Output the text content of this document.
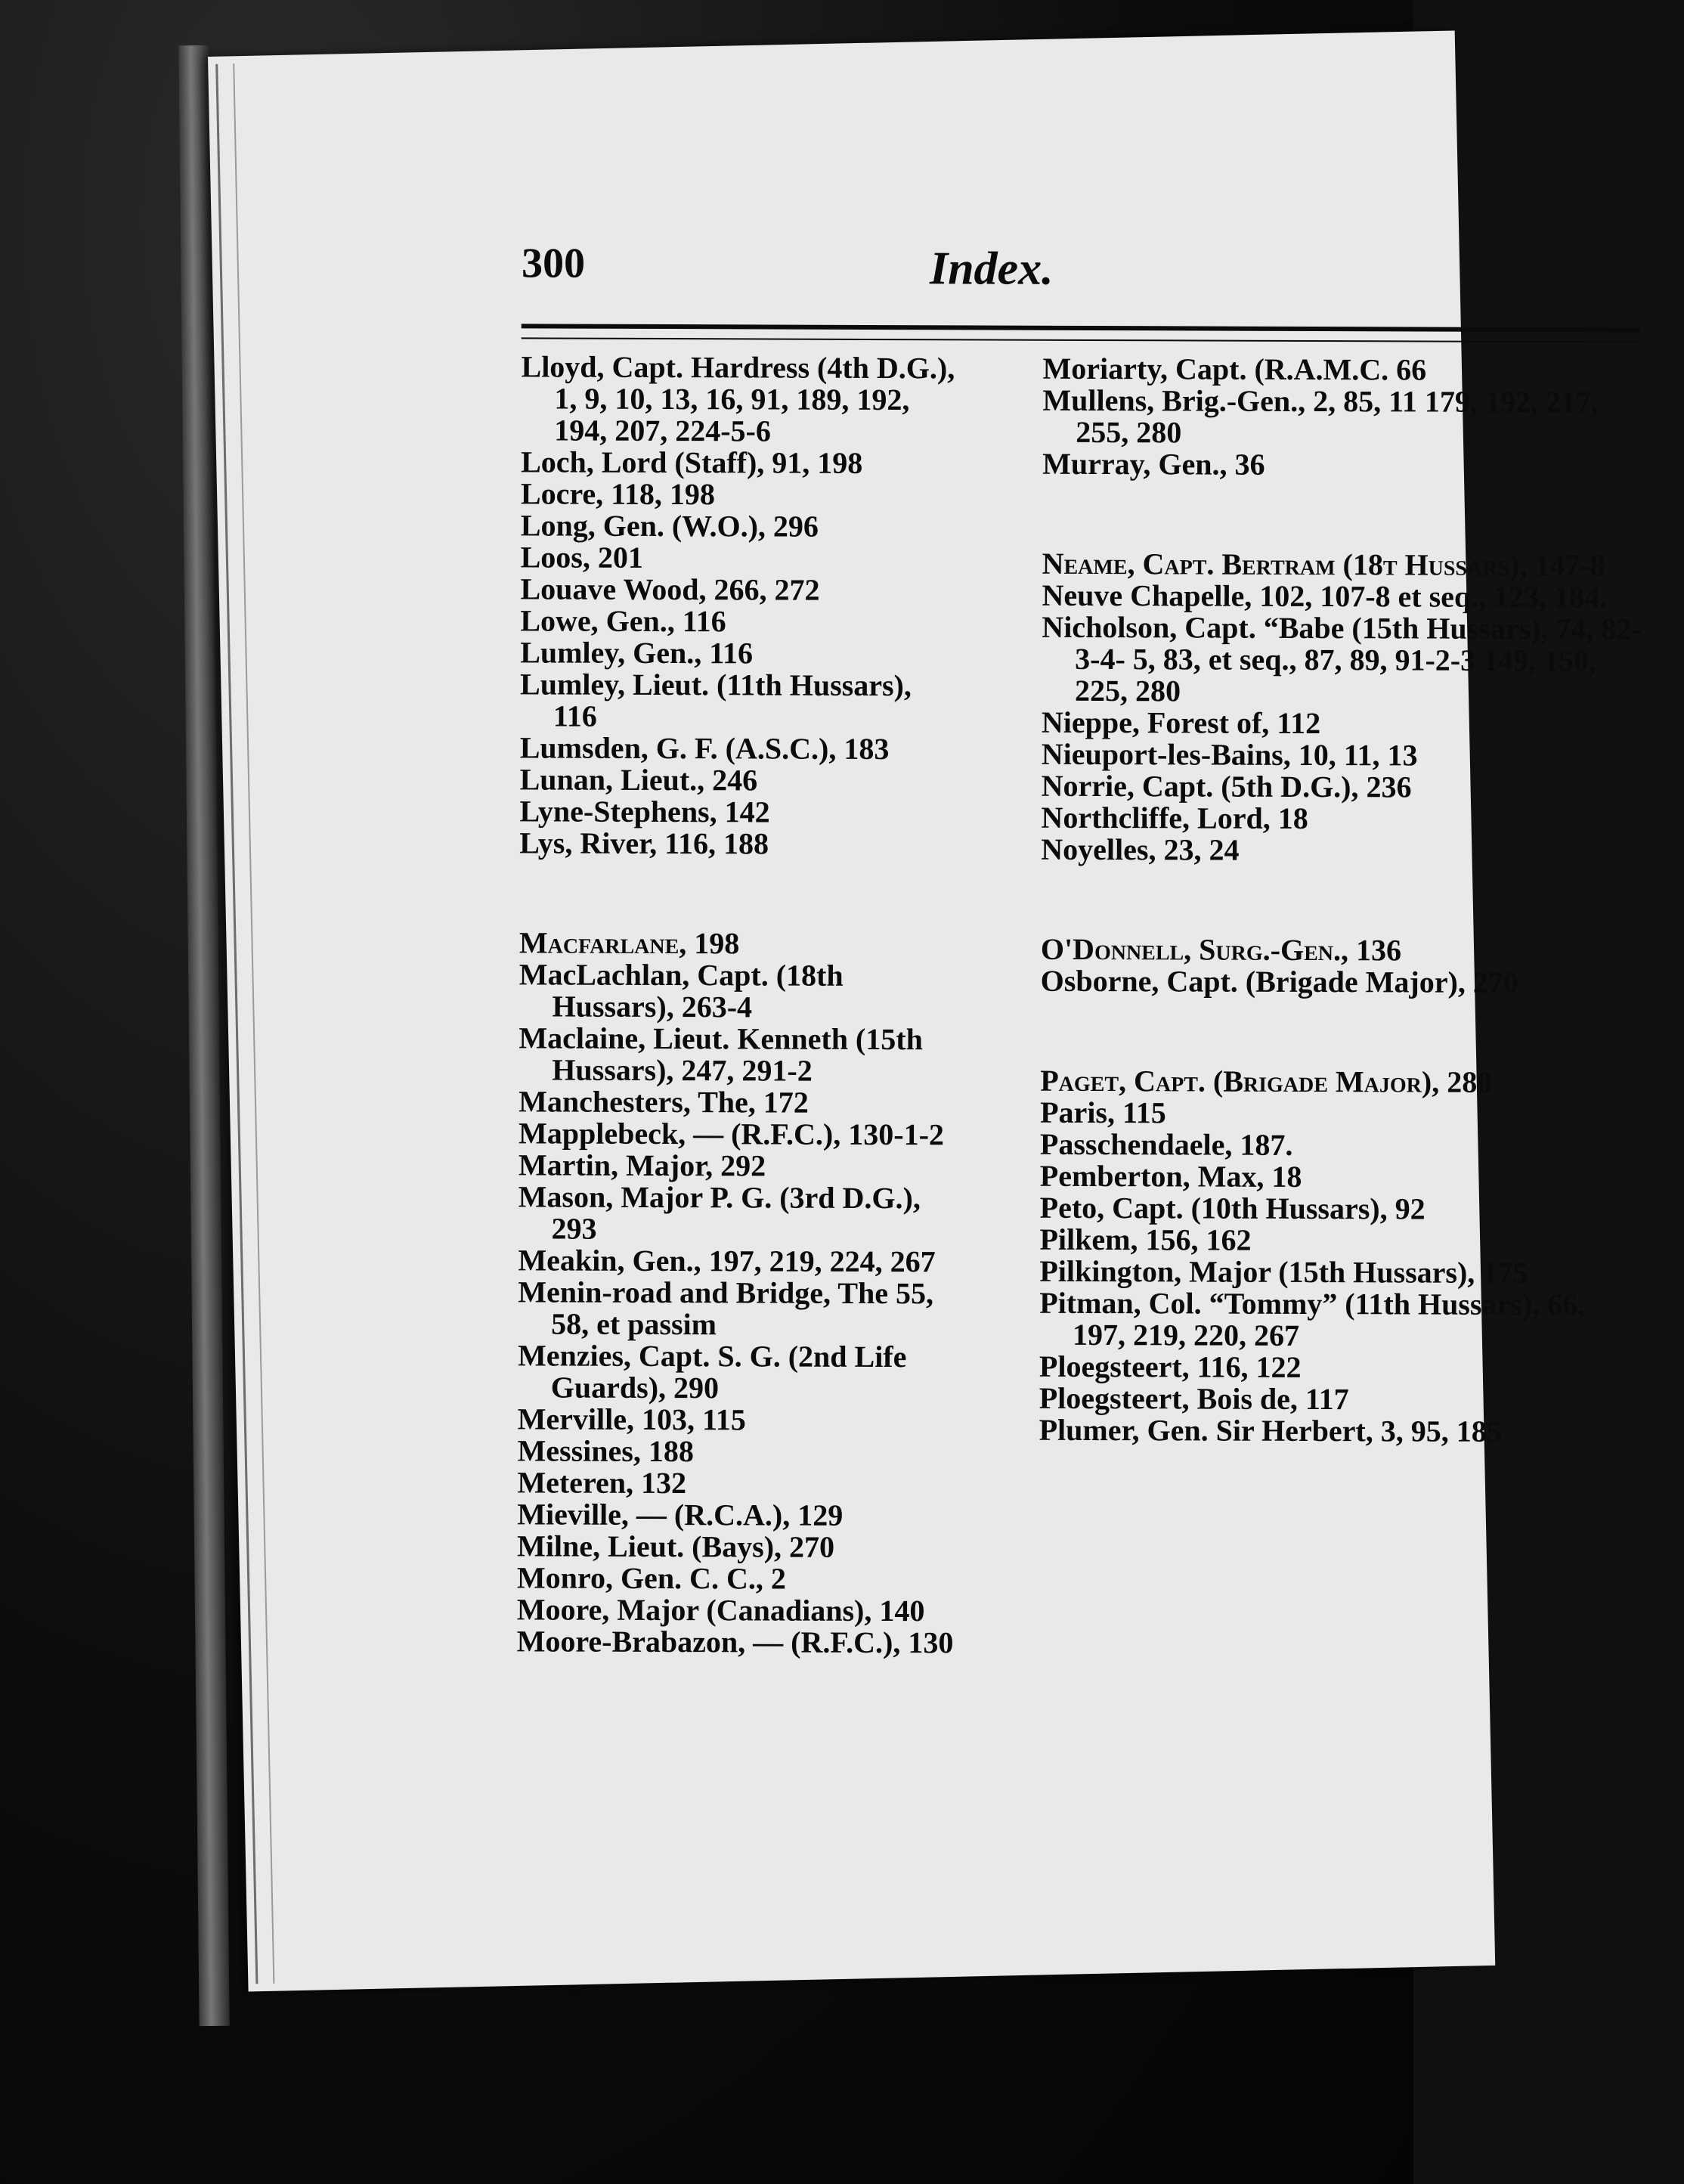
300	Index.
Lloyd, Capt. Hardress (4th D.G.), 1, 9, 10, 13, 16, 91, 189, 192, 194, 207, 224-5-6
Loch, Lord (Staff), 91, 198
Locre, 118, 198
Long, Gen. (W.O.), 296
Loos, 201
Louave Wood, 266, 272
Lowe, Gen., 116
Lumley, Gen., 116
Lumley, Lieut. (11th Hussars), 116
Lumsden, G. F. (A.S.C.), 183
Lunan, Lieut., 246
Lyne-Stephens, 142
Lys, River, 116, 188
Macfarlane, 198
MacLachlan, Capt. (18th Hussars), 263-4
Maclaine, Lieut. Kenneth (15th Hussars), 247, 291-2
Manchesters, The, 172
Mapplebeck, — (R.F.C.), 130-1-2
Martin, Major, 292
Mason, Major P. G. (3rd D.G.), 293
Meakin, Gen., 197, 219, 224, 267
Menin-road and Bridge, The 55, 58, et passim
Menzies, Capt. S. G. (2nd Life Guards), 290
Merville, 103, 115
Messines, 188
Meteren, 132
Mieville, — (R.C.A.), 129
Milne, Lieut. (Bays), 270
Monro, Gen. C. C., 2
Moore, Major (Canadians), 140
Moore-Brabazon, — (R.F.C.), 130
Moriarty, Capt. (R.A.M.C. 66
Mullens, Brig.-Gen., 2, 85, 11 179, 192, 217, 255, 280
Murray, Gen., 36
Neame, Capt. Bertram (18t Hussars), 147-8
Neuve Chapelle, 102, 107-8 et seq., 123, 184.
Nicholson, Capt. “Babe (15th Hussars), 74, 82-3-4- 5, 83, et seq., 87, 89, 91-2-3 149, 150, 225, 280
Nieppe, Forest of, 112
Nieuport-les-Bains, 10, 11, 13
Norrie, Capt. (5th D.G.), 236
Northcliffe, Lord, 18
Noyelles, 23, 24
O'Donnell, Surg.-Gen., 136
Osborne, Capt. (Brigade Major), 270
Paget, Capt. (Brigade Major), 280
Paris, 115
Passchendaele, 187.
Pemberton, Max, 18
Peto, Capt. (10th Hussars), 92
Pilkem, 156, 162
Pilkington, Major (15th Hussars), 175
Pitman, Col. “Tommy” (11th Hussars), 66, 197, 219, 220, 267
Ploegsteert, 116, 122
Ploegsteert, Bois de, 117
Plumer, Gen. Sir Herbert, 3, 95, 185
